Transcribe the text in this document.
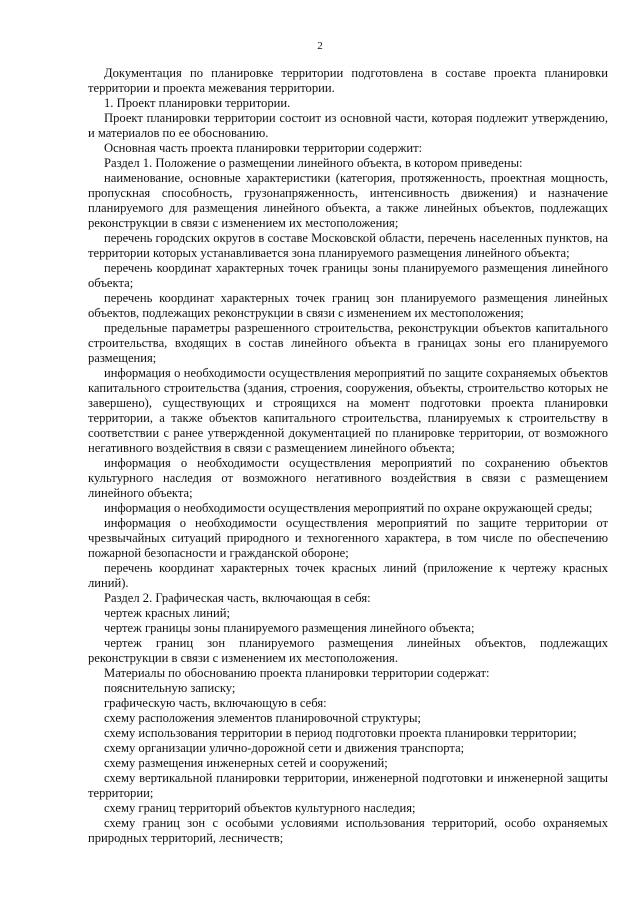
2

Документация по планировке территории подготовлена в составе проекта планировки территории и проекта межевания территории.

1. Проект планировки территории.

Проект планировки территории состоит из основной части, которая подлежит утверждению, и материалов по ее обоснованию.

Основная часть проекта планировки территории содержит:

Раздел 1. Положение о размещении линейного объекта, в котором приведены:

наименование, основные характеристики (категория, протяженность, проектная мощность, пропускная способность, грузонапряженность, интенсивность движения) и назначение планируемого для размещения линейного объекта, а также линейных объектов, подлежащих реконструкции в связи с изменением их местоположения;

перечень городских округов в составе Московской области, перечень населенных пунктов, на территории которых устанавливается зона планируемого размещения линейного объекта;

перечень координат характерных точек границы зоны планируемого размещения линейного объекта;

перечень координат характерных точек границ зон планируемого размещения линейных объектов, подлежащих реконструкции в связи с изменением их местоположения;

предельные параметры разрешенного строительства, реконструкции объектов капитального строительства, входящих в состав линейного объекта в границах зоны его планируемого размещения;

информация о необходимости осуществления мероприятий по защите сохраняемых объектов капитального строительства (здания, строения, сооружения, объекты, строительство которых не завершено), существующих и строящихся на момент подготовки проекта планировки территории, а также объектов капитального строительства, планируемых к строительству в соответствии с ранее утвержденной документацией по планировке территории, от возможного негативного воздействия в связи с размещением линейного объекта;

информация о необходимости осуществления мероприятий по сохранению объектов культурного наследия от возможного негативного воздействия в связи с размещением линейного объекта;

информация о необходимости осуществления мероприятий по охране окружающей среды;

информация о необходимости осуществления мероприятий по защите территории от чрезвычайных ситуаций природного и техногенного характера, в том числе по обеспечению пожарной безопасности и гражданской обороне;

перечень координат характерных точек красных линий (приложение к чертежу красных линий).

Раздел 2. Графическая часть, включающая в себя:

чертеж красных линий;

чертеж границы зоны планируемого размещения линейного объекта;

чертеж границ зон планируемого размещения линейных объектов, подлежащих реконструкции в связи с изменением их местоположения.

Материалы по обоснованию проекта планировки территории содержат:

пояснительную записку;

графическую часть, включающую в себя:

схему расположения элементов планировочной структуры;

схему использования территории в период подготовки проекта планировки территории;

схему организации улично-дорожной сети и движения транспорта;

схему размещения инженерных сетей и сооружений;

схему вертикальной планировки территории, инженерной подготовки и инженерной защиты территории;

схему границ территорий объектов культурного наследия;

схему границ зон с особыми условиями использования территорий, особо охраняемых природных территорий, лесничеств;
